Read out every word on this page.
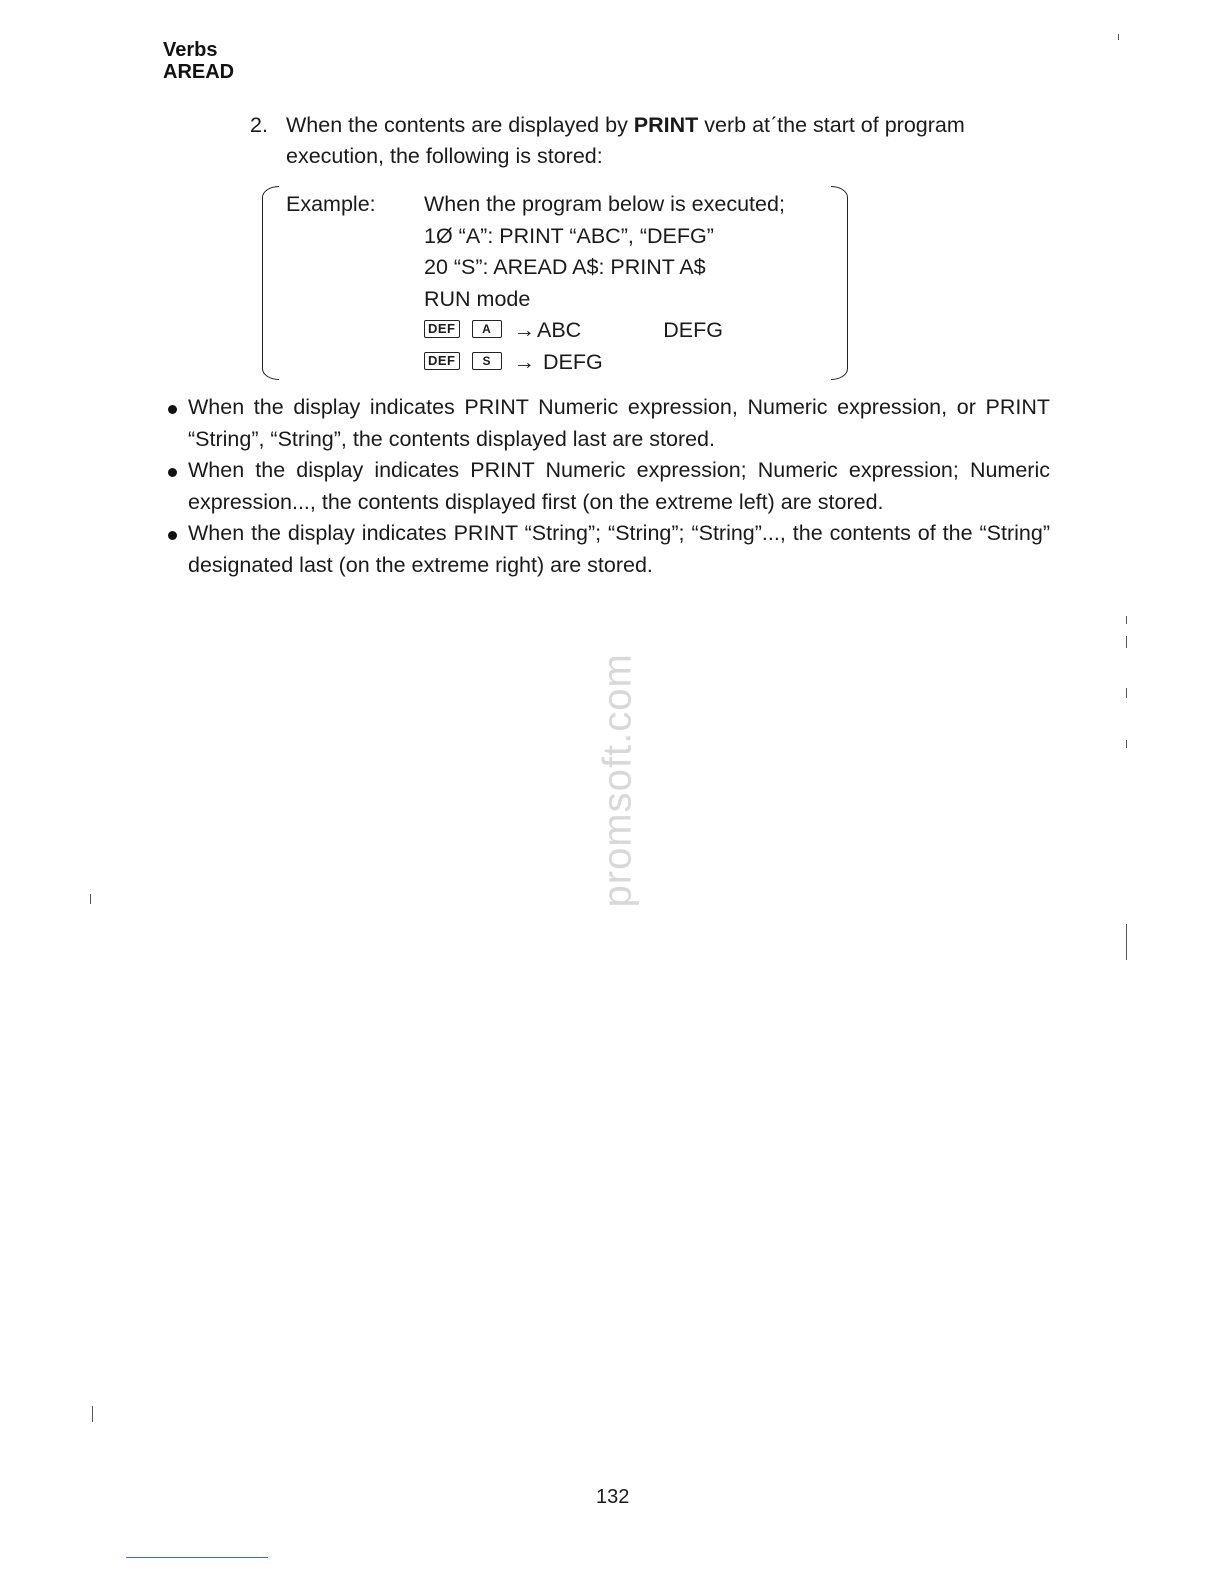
Verbs
AREAD
2. When the contents are displayed by PRINT verb atˊthe start of program execution, the following is stored:
Example: When the program below is executed;
1Ø “A”: PRINT “ABC”, “DEFG”
20 “S”: AREAD A$: PRINT A$
RUN mode
DEF A →ABC	DEFG
DEF S → DEFG
When the display indicates PRINT Numeric expression, Numeric expression, or PRINT “String”, “String”, the contents displayed last are stored.
When the display indicates PRINT Numeric expression; Numeric expression; Numeric expression..., the contents displayed first (on the extreme left) are stored.
When the display indicates PRINT “String”; “String”; “String”..., the contents of the “String” designated last (on the extreme right) are stored.
promsoft.com
132
